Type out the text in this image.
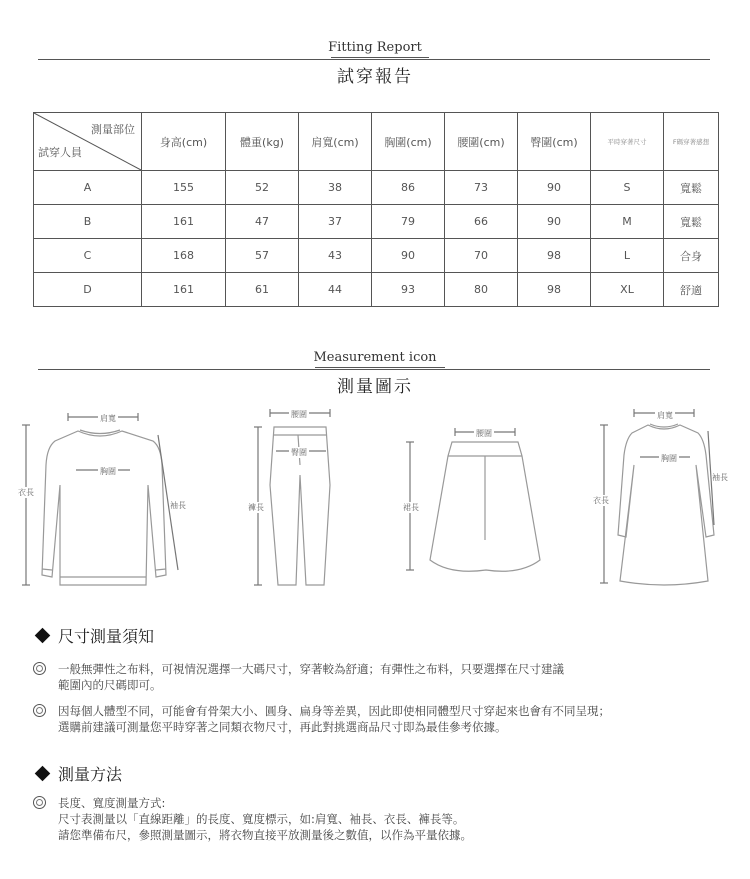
Fitting Report
試穿報告
測量部位
試穿人員	身高(cm)	體重(kg)	肩寬(cm)	胸圍(cm)	腰圍(cm)	臀圍(cm)	平時穿著尺寸	F碼穿著感想
A	155	52	38	86	73	90	S	寬鬆
B	161	47	37	79	66	90	M	寬鬆
C	168	57	43	90	70	98	L	合身
D	161	61	44	93	80	98	XL	舒適
Measurement icon
測量圖示
肩寬
胸圍
衣長
袖長
腰圍
臀圍
褲長
腰圍
裙長
肩寬
胸圍
衣長
袖長
尺寸測量須知
一般無彈性之布料，可視情況選擇一大碼尺寸，穿著較為舒適；有彈性之布料，只要選擇在尺寸建議
範圍內的尺碼即可。
因每個人體型不同，可能會有骨架大小、圓身、扁身等差異，因此即使相同體型尺寸穿起來也會有不同呈現；
選購前建議可測量您平時穿著之同類衣物尺寸，再此對挑選商品尺寸即為最佳參考依據。
測量方法
長度、寬度測量方式:
尺寸表測量以「直線距離」的長度、寬度標示，如:肩寬、袖長、衣長、褲長等。
請您準備布尺，參照測量圖示，將衣物直接平放測量後之數值，以作為平量依據。
